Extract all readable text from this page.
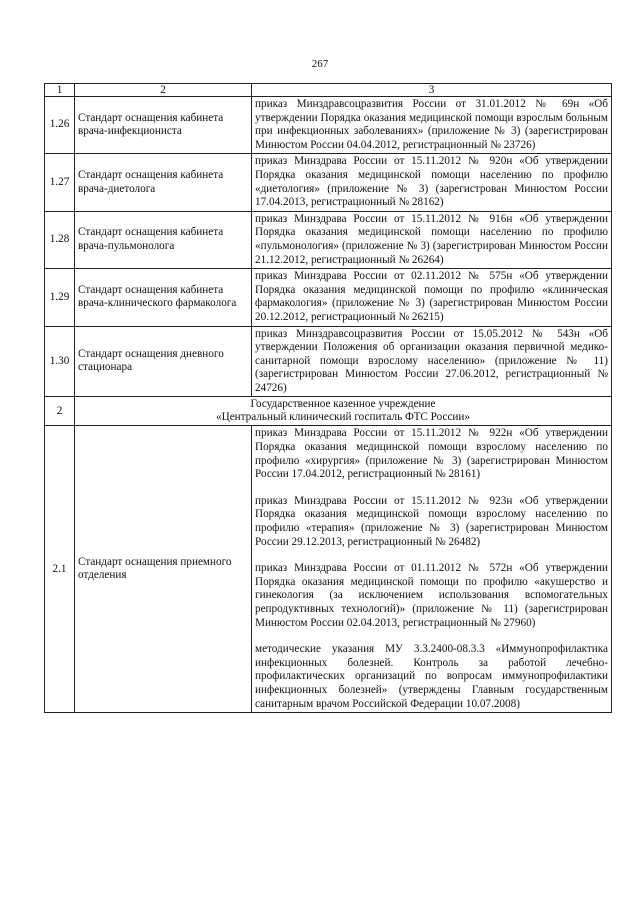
267
1	2	3
1.26	Стандарт оснащения кабинета врача-инфекциониста	приказ Минздравсоцразвития России от 31.01.2012 № 69н «Об утверждении Порядка оказания медицинской помощи взрослым больным при инфекционных заболеваниях» (приложение № 3) (зарегистрирован Минюстом России 04.04.2012, регистрационный № 23726)
1.27	Стандарт оснащения кабинета врача-диетолога	приказ Минздрава России от 15.11.2012 № 920н «Об утверждении Порядка оказания медицинской помощи населению по профилю «диетология» (приложение № 3) (зарегистрован Минюстом России 17.04.2013, регистрационный № 28162)
1.28	Стандарт оснащения кабинета врача-пульмонолога	приказ Минздрава России от 15.11.2012 № 916н «Об утверждении Порядка оказания медицинской помощи населению по профилю «пульмонология» (приложение № 3) (зарегистрирован Минюстом России 21.12.2012, регистрационный № 26264)
1.29	Стандарт оснащения кабинета врача-клинического фармаколога	приказ Минздрава России от 02.11.2012 № 575н «Об утверждении Порядка оказания медицинской помощи по профилю «клиническая фармакология» (приложение № 3) (зарегистрирован Минюстом России 20.12.2012, регистрационный № 26215)
1.30	Стандарт оснащения дневного стационара	приказ Минздравсоцразвития России от 15.05.2012 № 543н «Об утверждении Положения об организации оказания первичной медико-санитарной помощи взрослому населению» (приложение № 11) (зарегистрирован Минюстом России 27.06.2012, регистрационный № 24726)
2	Государственное казенное учреждение
«Центральный клинический госпиталь ФТС России»	
2.1	Стандарт оснащения приемного отделения	приказ Минздрава России от 15.11.2012 № 922н «Об утверждении Порядка оказания медицинской помощи взрослому населению по профилю «хирургия» (приложение № 3) (зарегистрирован Минюстом России 17.04.2012, регистрационный № 28161)
приказ Минздрава России от 15.11.2012 № 923н «Об утверждении Порядка оказания медицинской помощи взрослому населению по профилю «терапия» (приложение № 3) (зарегистрирован Минюстом России 29.12.2013, регистрационный № 26482)
приказ Минздрава России от 01.11.2012 № 572н «Об утверждении Порядка оказания медицинской помощи по профилю «акушерство и гинекология (за исключением использования вспомогательных репродуктивных технологий)» (приложение № 11) (зарегистрирован Минюстом России 02.04.2013, регистрационный № 27960)
методические указания МУ 3.3.2400-08.3.3 «Иммунопрофилактика инфекционных болезней. Контроль за работой лечебно-профилактических организаций по вопросам иммунопрофилактики инфекционных болезней» (утверждены Главным государственным санитарным врачом Российской Федерации 10.07.2008)
